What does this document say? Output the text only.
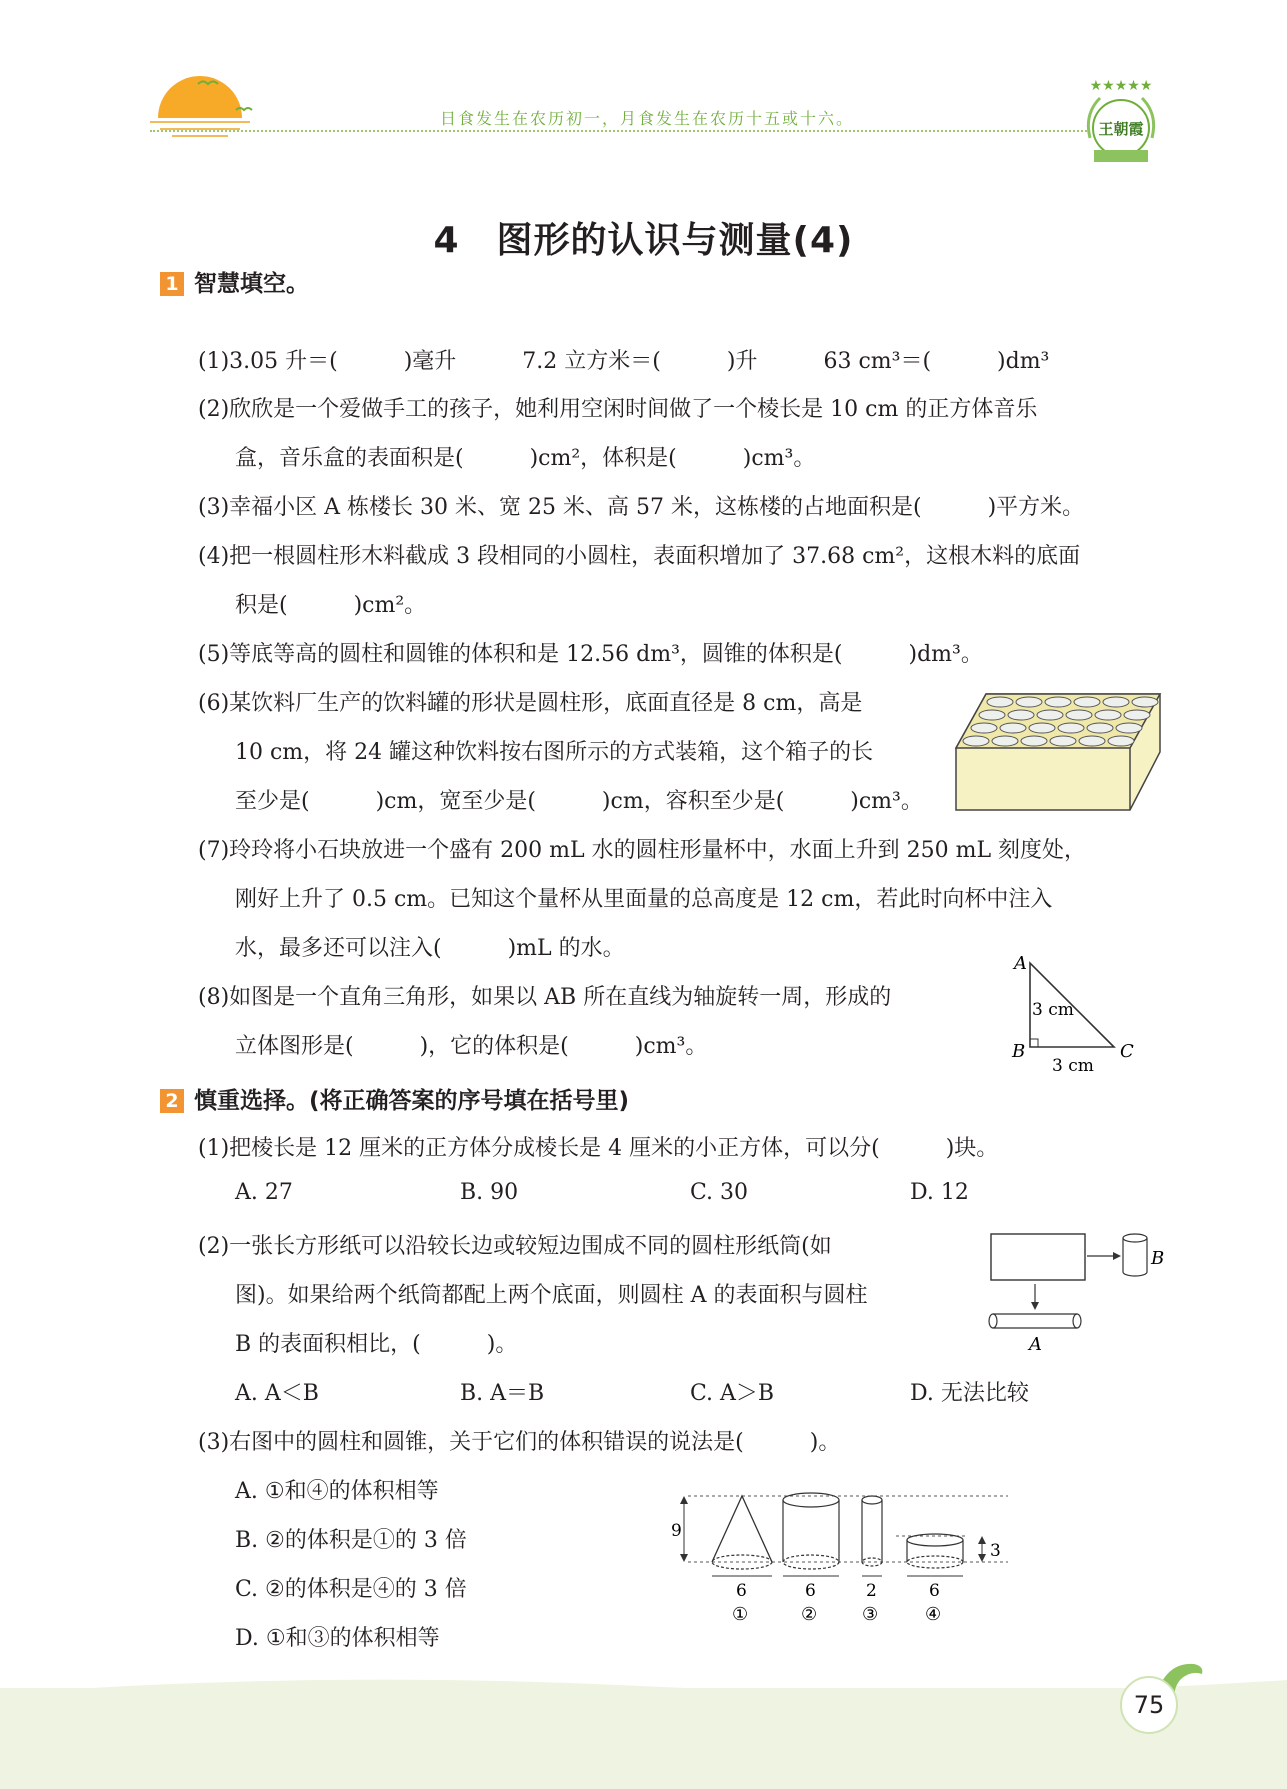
日食发生在农历初一，月食发生在农历十五或十六。
★★★★★
王朝霞
4　图形的认识与测量(4)
1 智慧填空。
(1)3.05 升＝(　　　)毫升　　　7.2 立方米＝(　　　)升　　　63 cm³＝(　　　)dm³
(2)欣欣是一个爱做手工的孩子，她利用空闲时间做了一个棱长是 10 cm 的正方体音乐
盒，音乐盒的表面积是(　　　)cm²，体积是(　　　)cm³。
(3)幸福小区 A 栋楼长 30 米、宽 25 米、高 57 米，这栋楼的占地面积是(　　　)平方米。
(4)把一根圆柱形木料截成 3 段相同的小圆柱，表面积增加了 37.68 cm²，这根木料的底面
积是(　　　)cm²。
(5)等底等高的圆柱和圆锥的体积和是 12.56 dm³，圆锥的体积是(　　　)dm³。
(6)某饮料厂生产的饮料罐的形状是圆柱形，底面直径是 8 cm，高是
10 cm，将 24 罐这种饮料按右图所示的方式装箱，这个箱子的长
至少是(　　　)cm，宽至少是(　　　)cm，容积至少是(　　　)cm³。
(7)玲玲将小石块放进一个盛有 200 mL 水的圆柱形量杯中，水面上升到 250 mL 刻度处，
刚好上升了 0.5 cm。已知这个量杯从里面量的总高度是 12 cm，若此时向杯中注入
水，最多还可以注入(　　　)mL 的水。
(8)如图是一个直角三角形，如果以 AB 所在直线为轴旋转一周，形成的
立体图形是(　　　)，它的体积是(　　　)cm³。
A
B	C
3 cm
3 cm
2 慎重选择。(将正确答案的序号填在括号里)
(1)把棱长是 12 厘米的正方体分成棱长是 4 厘米的小正方体，可以分(　　　)块。
A. 27	B. 90	C. 30	D. 12
(2)一张长方形纸可以沿较长边或较短边围成不同的圆柱形纸筒(如
图)。如果给两个纸筒都配上两个底面，则圆柱 A 的表面积与圆柱
B 的表面积相比，(　　　)。
A. A＜B	B. A＝B	C. A＞B	D. 无法比较
B
A
(3)右图中的圆柱和圆锥，关于它们的体积错误的说法是(　　　)。
A. ①和④的体积相等
B. ②的体积是①的 3 倍
C. ②的体积是④的 3 倍
D. ①和③的体积相等
9
3
6	6	2	6
①	② ③	④
75
